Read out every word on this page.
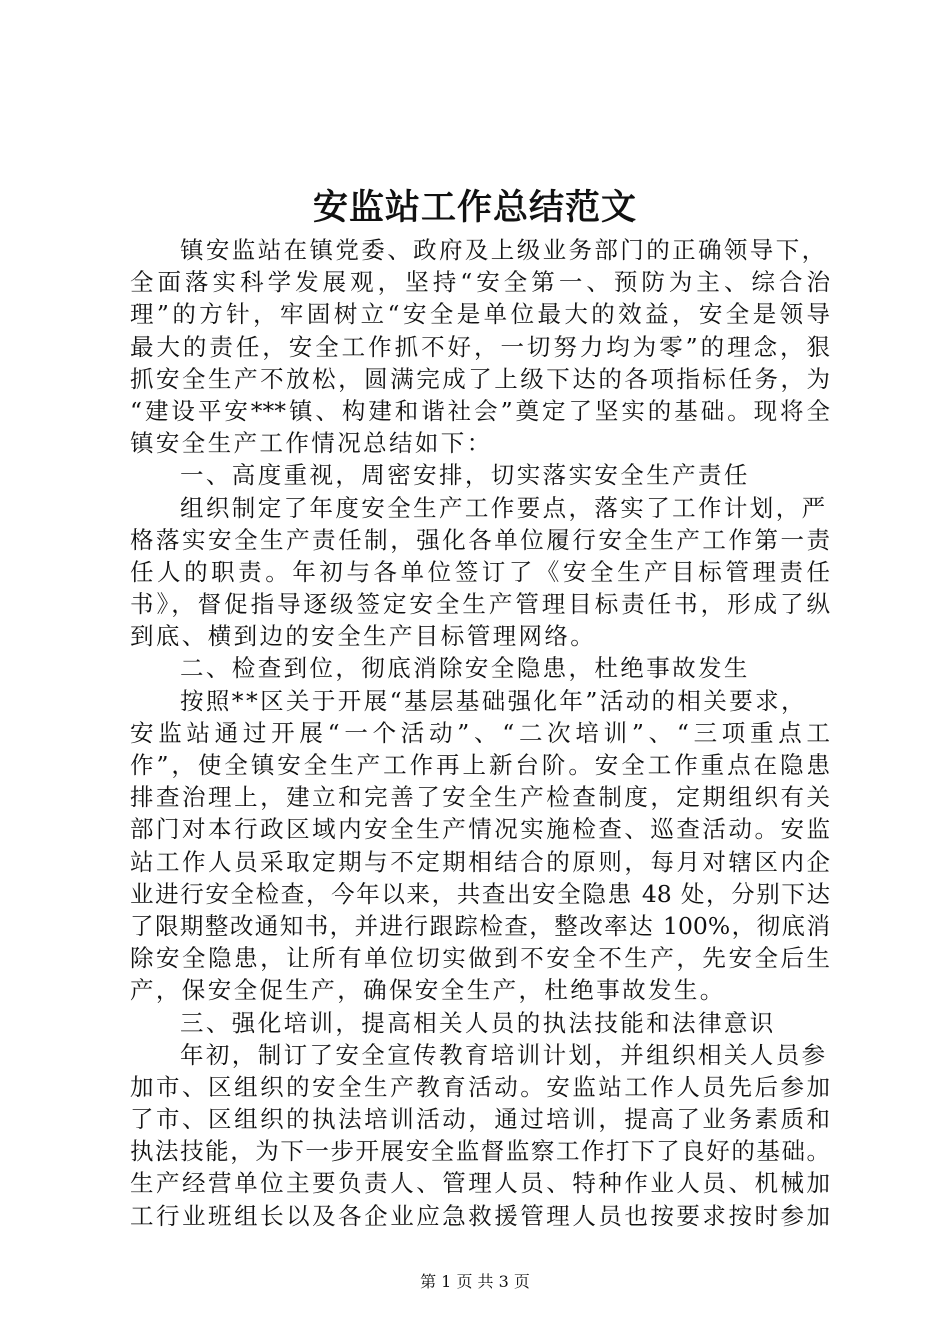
安监站工作总结范文
镇安监站在镇党委、政府及上级业务部门的正确领导下，
全面落实科学发展观，坚持“安全第一、预防为主、综合治
理”的方针，牢固树立“安全是单位最大的效益，安全是领导
最大的责任，安全工作抓不好，一切努力均为零”的理念，狠
抓安全生产不放松，圆满完成了上级下达的各项指标任务，为
“建设平安***镇、构建和谐社会”奠定了坚实的基础。现将全
镇安全生产工作情况总结如下：
一、高度重视，周密安排，切实落实安全生产责任
组织制定了年度安全生产工作要点，落实了工作计划，严
格落实安全生产责任制，强化各单位履行安全生产工作第一责
任人的职责。年初与各单位签订了《安全生产目标管理责任
书》，督促指导逐级签定安全生产管理目标责任书，形成了纵
到底、横到边的安全生产目标管理网络。
二、检查到位，彻底消除安全隐患，杜绝事故发生
按照**区关于开展“基层基础强化年”活动的相关要求，
安监站通过开展“一个活动”、“二次培训”、“三项重点工
作”，使全镇安全生产工作再上新台阶。安全工作重点在隐患
排查治理上，建立和完善了安全生产检查制度，定期组织有关
部门对本行政区域内安全生产情况实施检查、巡查活动。安监
站工作人员采取定期与不定期相结合的原则，每月对辖区内企
业进行安全检查，今年以来，共查出安全隐患 48 处，分别下达
了限期整改通知书，并进行跟踪检查，整改率达 100%，彻底消
除安全隐患，让所有单位切实做到不安全不生产，先安全后生
产，保安全促生产，确保安全生产，杜绝事故发生。
三、强化培训，提高相关人员的执法技能和法律意识
年初，制订了安全宣传教育培训计划，并组织相关人员参
加市、区组织的安全生产教育活动。安监站工作人员先后参加
了市、区组织的执法培训活动，通过培训，提高了业务素质和
执法技能，为下一步开展安全监督监察工作打下了良好的基础。
生产经营单位主要负责人、管理人员、特种作业人员、机械加
工行业班组长以及各企业应急救援管理人员也按要求按时参加
第 1 页 共 3 页
